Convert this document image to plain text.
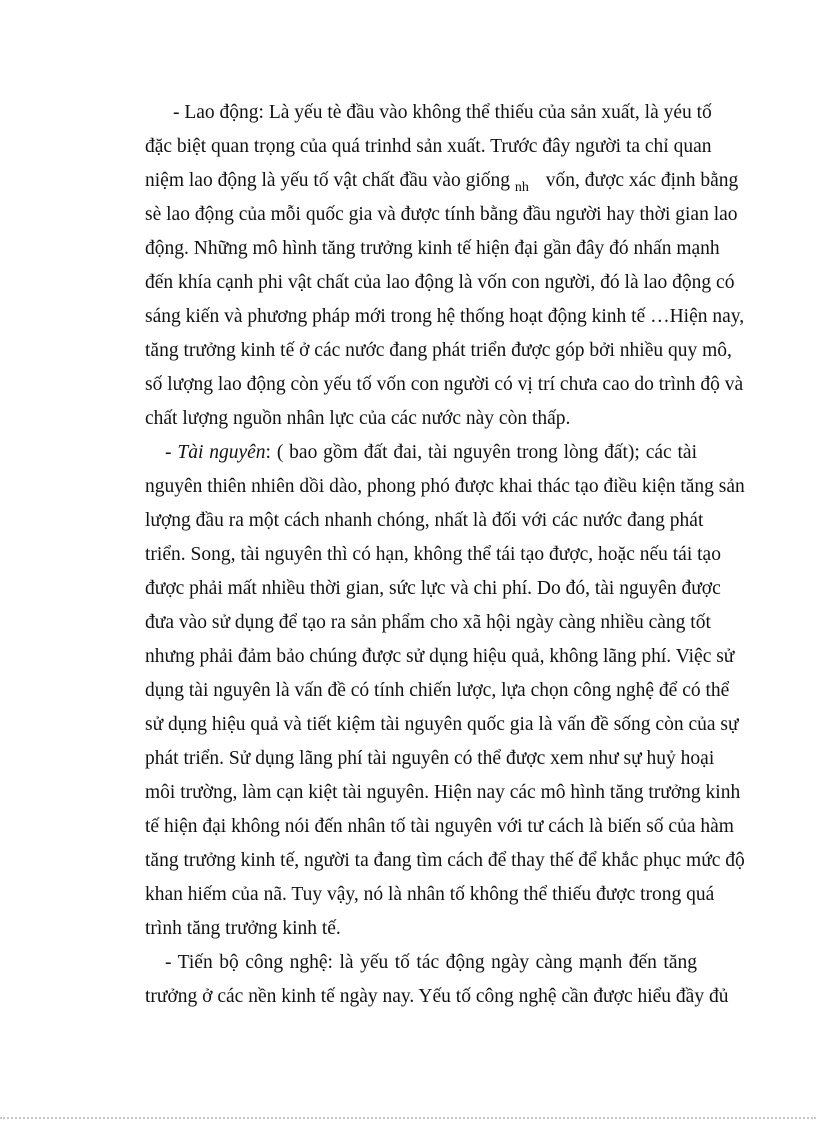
- Lao động: Là yếu tè đầu vào không thể thiếu của sản xuất, là yéu tố
đặc biệt quan trọng của quá trinhd sản xuất. Trước đây người ta chỉ quan
niệm lao động là yếu tố vật chất đầu vào giống $_{nh}$ vốn, được xác định bằng
sè lao động của mỗi quốc gia và được tính bằng đầu người hay thời gian lao
động. Những mô hình tăng trưởng kinh tế hiện đại gần đây đó nhấn mạnh
đến khía cạnh phi vật chất của lao động là vốn con người, đó là lao động có
sáng kiến và phương pháp mới trong hệ thống hoạt động kinh tế …Hiện nay,
tăng trưởng kinh tế ở các nước đang phát triển được góp bởi nhiều quy mô,
số lượng lao động còn yếu tố vốn con người có vị trí chưa cao do trình độ và
chất lượng nguồn nhân lực của các nước này còn thấp.
- Tài nguyên: ( bao gồm đất đai, tài nguyên trong lòng đất); các tài
nguyên thiên nhiên dồi dào, phong phó được khai thác tạo điều kiện tăng sản
lượng đầu ra một cách nhanh chóng, nhất là đối với các nước đang phát
triển. Song, tài nguyên thì có hạn, không thể tái tạo được, hoặc nếu tái tạo
được phải mất nhiều thời gian, sức lực và chi phí. Do đó, tài nguyên được
đưa vào sử dụng để tạo ra sản phẩm cho xã hội ngày càng nhiều càng tốt
nhưng phải đảm bảo chúng được sử dụng hiệu quả, không lãng phí. Việc sử
dụng tài nguyên là vấn đề có tính chiến lược, lựa chọn công nghệ để có thể
sử dụng hiệu quả và tiết kiệm tài nguyên quốc gia là vấn đề sống còn của sự
phát triển. Sử dụng lãng phí tài nguyên có thể được xem như sự huỷ hoại
môi trường, làm cạn kiệt tài nguyên. Hiện nay các mô hình tăng trưởng kinh
tế hiện đại không nói đến nhân tố tài nguyên với tư cách là biến số của hàm
tăng trưởng kinh tế, người ta đang tìm cách để thay thế để khắc phục mức độ
khan hiếm của nã. Tuy vậy, nó là nhân tố không thể thiếu được trong quá
trình tăng trưởng kinh tế.
- Tiến bộ công nghệ: là yếu tố tác động ngày càng mạnh đến tăng
trưởng ở các nền kinh tế ngày nay. Yếu tố công nghệ cần được hiểu đầy đủ
